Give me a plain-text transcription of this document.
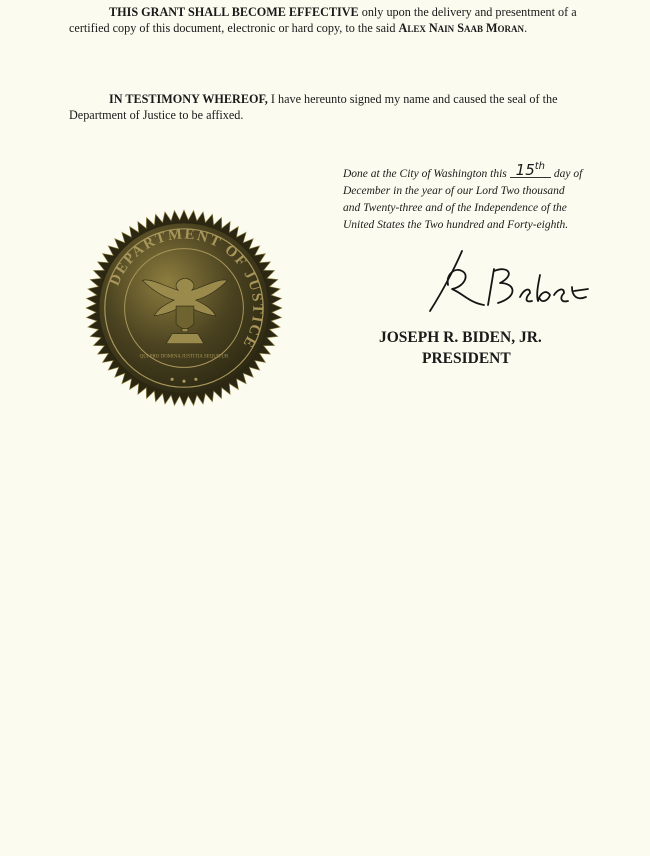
THIS GRANT SHALL BECOME EFFECTIVE only upon the delivery and presentment of a certified copy of this document, electronic or hard copy, to the said Alex Nain Saab Moran.

IN TESTIMONY WHEREOF, I have hereunto signed my name and caused the seal of the Department of Justice to be affixed.

Done at the City of Washington this 15th day of December in the year of our Lord Two thousand and Twenty-three and of the Independence of the United States the Two hundred and Forty-eighth.
DEPARTMENT OF JUSTICE
QUI PRO DOMINA JUSTITIA SEQUITUR
JOSEPH R. BIDEN, JR.
PRESIDENT
